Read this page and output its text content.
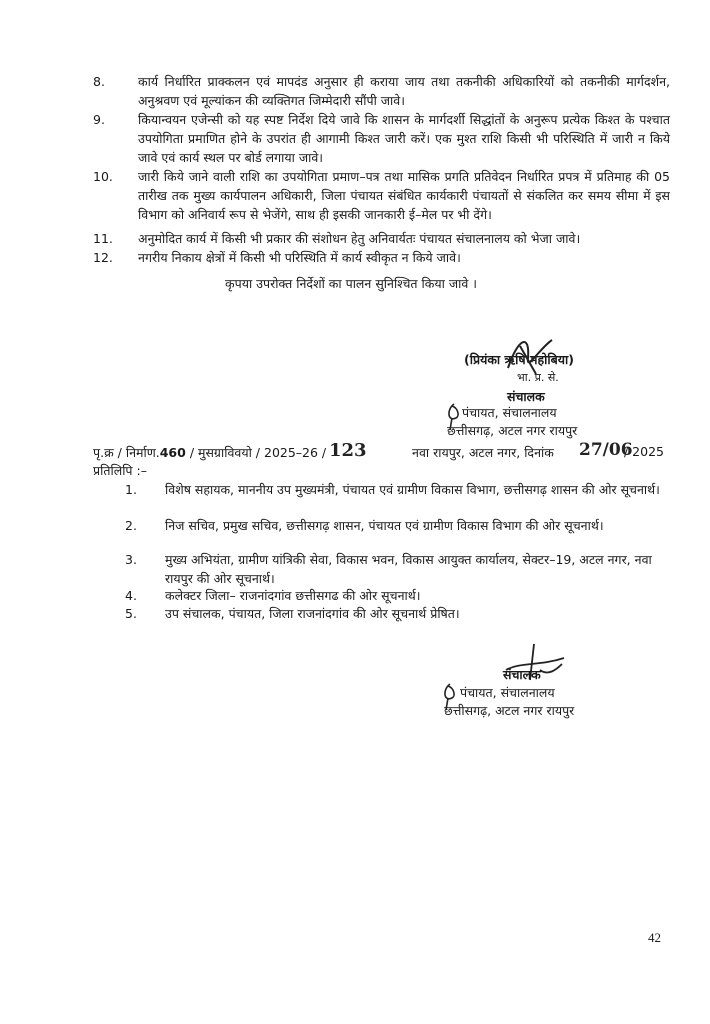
8.	कार्य निर्धारित प्राक्कलन एवं मापदंड अनुसार ही कराया जाय तथा तकनीकी अधिकारियों को तकनीकी मार्गदर्शन, अनुश्रवण एवं मूल्यांकन की व्यक्तिगत जिम्मेदारी सौंपी जावे।
9.	कियान्वयन एजेन्सी को यह स्पष्ट निर्देश दिये जावे कि शासन के मार्गदर्शी सिद्धांतों के अनुरूप प्रत्येक किश्त के पश्चात उपयोगिता प्रमाणित होने के उपरांत ही आगामी किश्त जारी करें। एक मुश्त राशि किसी भी परिस्थिति में जारी न किये जावे एवं कार्य स्थल पर बोर्ड लगाया जावे।
10.	जारी किये जाने वाली राशि का उपयोगिता प्रमाण–पत्र तथा मासिक प्रगति प्रतिवेदन निर्धारित प्रपत्र में प्रतिमाह की 05 तारीख तक मुख्य कार्यपालन अधिकारी, जिला पंचायत संबंधित कार्यकारी पंचायतों से संकलित कर समय सीमा में इस विभाग को अनिवार्य रूप से भेजेंगे, साथ ही इसकी जानकारी ई–मेल पर भी देंगे।
11.	अनुमोदित कार्य में किसी भी प्रकार की संशोधन हेतु अनिवार्यतः पंचायत संचालनालय को भेजा जावे।
12.	नगरीय निकाय क्षेत्रों में किसी भी परिस्थिति में कार्य स्वीकृत न किये जावे।
कृपया उपरोक्त निर्देशों का पालन सुनिश्चित किया जावे ।
(प्रियंका ऋषि महोबिया)
भा. प्र. से.
संचालक
पंचायत, संचालनालय
छत्तीसगढ़, अटल नगर रायपुर
पृ.क्र / निर्माण.460 / मुसग्राविवयो / 2025–26 / 123	नवा रायपुर, अटल नगर, दिनांक 27/06
/ 2025
प्रतिलिपि :–
1.	विशेष सहायक, माननीय उप मुख्यमंत्री, पंचायत एवं ग्रामीण विकास विभाग, छत्तीसगढ़ शासन की ओर सूचनार्थ।
2.	निज सचिव, प्रमुख सचिव, छत्तीसगढ़ शासन, पंचायत एवं ग्रामीण विकास विभाग की ओर सूचनार्थ।
3.	मुख्य अभियंता, ग्रामीण यांत्रिकी सेवा, विकास भवन, विकास आयुक्त कार्यालय, सेक्टर–19, अटल नगर, नवा रायपुर की ओर सूचनार्थ।
4.	कलेक्टर जिला– राजनांदगांव छत्तीसगढ की ओर सूचनार्थ।
5.	उप संचालक, पंचायत, जिला राजनांदगांव की ओर सूचनार्थ प्रेषित।
संचालक
पंचायत, संचालनालय
छत्तीसगढ़, अटल नगर रायपुर
42
